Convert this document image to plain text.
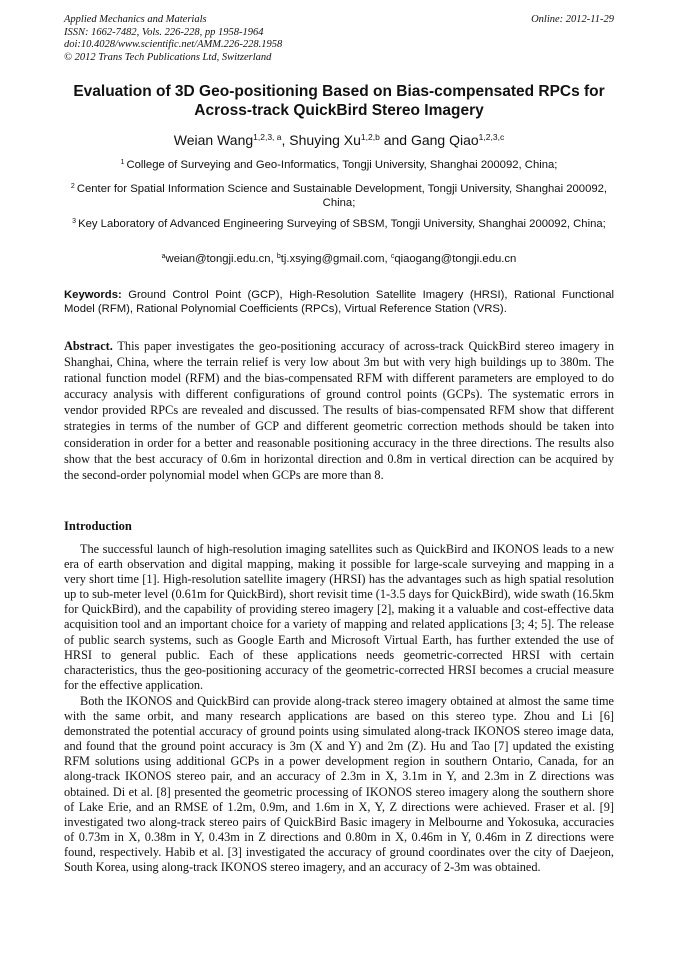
Applied Mechanics and Materials
ISSN: 1662-7482, Vols. 226-228, pp 1958-1964
doi:10.4028/www.scientific.net/AMM.226-228.1958
© 2012 Trans Tech Publications Ltd, Switzerland
Online: 2012-11-29
Evaluation of 3D Geo-positioning Based on Bias-compensated RPCs for Across-track QuickBird Stereo Imagery
Weian Wang$^{1,2,3, a}$, Shuying Xu$^{1,2,b}$ and Gang Qiao$^{1,2,3,c}$
$^1$ College of Surveying and Geo-Informatics, Tongji University, Shanghai 200092, China;
$^2$ Center for Spatial Information Science and Sustainable Development, Tongji University, Shanghai 200092, China;
$^3$ Key Laboratory of Advanced Engineering Surveying of SBSM, Tongji University, Shanghai 200092, China;
$^a$weian@tongji.edu.cn, $^b$tj.xsying@gmail.com, $^c$qiaogang@tongji.edu.cn
Keywords: Ground Control Point (GCP), High-Resolution Satellite Imagery (HRSI), Rational Functional Model (RFM), Rational Polynomial Coefficients (RPCs), Virtual Reference Station (VRS).
Abstract. This paper investigates the geo-positioning accuracy of across-track QuickBird stereo imagery in Shanghai, China, where the terrain relief is very low about 3m but with very high buildings up to 380m. The rational function model (RFM) and the bias-compensated RFM with different parameters are employed to do accuracy analysis with different configurations of ground control points (GCPs). The systematic errors in vendor provided RPCs are revealed and discussed. The results of bias-compensated RFM show that different strategies in terms of the number of GCP and different geometric correction methods should be taken into consideration in order for a better and reasonable positioning accuracy in the three directions. The results also show that the best accuracy of 0.6m in horizontal direction and 0.8m in vertical direction can be acquired by the second-order polynomial model when GCPs are more than 8.
Introduction
The successful launch of high-resolution imaging satellites such as QuickBird and IKONOS leads to a new era of earth observation and digital mapping, making it possible for large-scale surveying and mapping in a very short time [1]. High-resolution satellite imagery (HRSI) has the advantages such as high spatial resolution up to sub-meter level (0.61m for QuickBird), short revisit time (1-3.5 days for QuickBird), wide swath (16.5km for QuickBird), and the capability of providing stereo imagery [2], making it a valuable and cost-effective data acquisition tool and an important choice for a variety of mapping and related applications [3; 4; 5]. The release of public search systems, such as Google Earth and Microsoft Virtual Earth, has further extended the use of HRSI to general public. Each of these applications needs geometric-corrected HRSI with certain characteristics, thus the geo-positioning accuracy of the geometric-corrected HRSI becomes a crucial measure for the effective application.
Both the IKONOS and QuickBird can provide along-track stereo imagery obtained at almost the same time with the same orbit, and many research applications are based on this stereo type. Zhou and Li [6] demonstrated the potential accuracy of ground points using simulated along-track IKONOS stereo image data, and found that the ground point accuracy is 3m (X and Y) and 2m (Z). Hu and Tao [7] updated the existing RFM solutions using additional GCPs in a power development region in southern Ontario, Canada, for an along-track IKONOS stereo pair, and an accuracy of 2.3m in X, 3.1m in Y, and 2.3m in Z directions was obtained. Di et al. [8] presented the geometric processing of IKONOS stereo imagery along the southern shore of Lake Erie, and an RMSE of 1.2m, 0.9m, and 1.6m in X, Y, Z directions were achieved. Fraser et al. [9] investigated two along-track stereo pairs of QuickBird Basic imagery in Melbourne and Yokosuka, accuracies of 0.73m in X, 0.38m in Y, 0.43m in Z directions and 0.80m in X, 0.46m in Y, 0.46m in Z directions were found, respectively. Habib et al. [3] investigated the accuracy of ground coordinates over the city of Daejeon, South Korea, using along-track IKONOS stereo imagery, and an accuracy of 2-3m was obtained.
